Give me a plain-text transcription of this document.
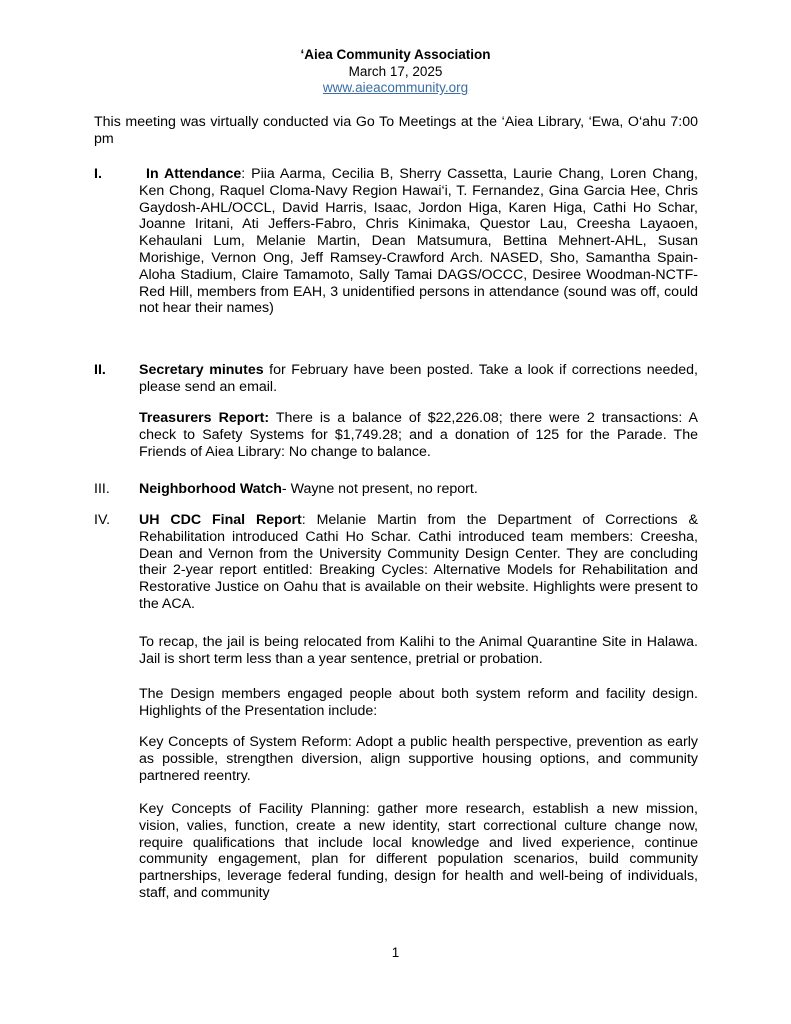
‘Aiea Community Association
March 17, 2025
www.aieacommunity.org

This meeting was virtually conducted via Go To Meetings at the ‘Aiea Library, ‘Ewa, O‘ahu 7:00 pm

I.	In Attendance: Piia Aarma, Cecilia B, Sherry Cassetta, Laurie Chang, Loren Chang, Ken Chong, Raquel Cloma-Navy Region Hawai‘i, T. Fernandez, Gina Garcia Hee, Chris Gaydosh-AHL/OCCL, David Harris, Isaac, Jordon Higa, Karen Higa, Cathi Ho Schar, Joanne Iritani, Ati Jeffers-Fabro, Chris Kinimaka, Questor Lau, Creesha Layaoen, Kehaulani Lum, Melanie Martin, Dean Matsumura, Bettina Mehnert-AHL, Susan Morishige, Vernon Ong, Jeff Ramsey-Crawford Arch. NASED, Sho, Samantha Spain-Aloha Stadium, Claire Tamamoto, Sally Tamai DAGS/OCCC, Desiree Woodman-NCTF-Red Hill, members from EAH, 3 unidentified persons in attendance (sound was off, could not hear their names)

II. Secretary minutes for February have been posted. Take a look if corrections needed, please send an email.

Treasurers Report: There is a balance of $22,226.08; there were 2 transactions: A check to Safety Systems for $1,749.28; and a donation of 125 for the Parade. The Friends of Aiea Library: No change to balance.

III. Neighborhood Watch- Wayne not present, no report.

IV. UH CDC Final Report: Melanie Martin from the Department of Corrections & Rehabilitation introduced Cathi Ho Schar. Cathi introduced team members: Creesha, Dean and Vernon from the University Community Design Center. They are concluding their 2-year report entitled: Breaking Cycles: Alternative Models for Rehabilitation and Restorative Justice on Oahu that is available on their website. Highlights were present to the ACA.

To recap, the jail is being relocated from Kalihi to the Animal Quarantine Site in Halawa. Jail is short term less than a year sentence, pretrial or probation.

The Design members engaged people about both system reform and facility design. Highlights of the Presentation include:

Key Concepts of System Reform: Adopt a public health perspective, prevention as early as possible, strengthen diversion, align supportive housing options, and community partnered reentry.

Key Concepts of Facility Planning: gather more research, establish a new mission, vision, valies, function, create a new identity, start correctional culture change now, require qualifications that include local knowledge and lived experience, continue community engagement, plan for different population scenarios, build community partnerships, leverage federal funding, design for health and well-being of individuals, staff, and community

1
